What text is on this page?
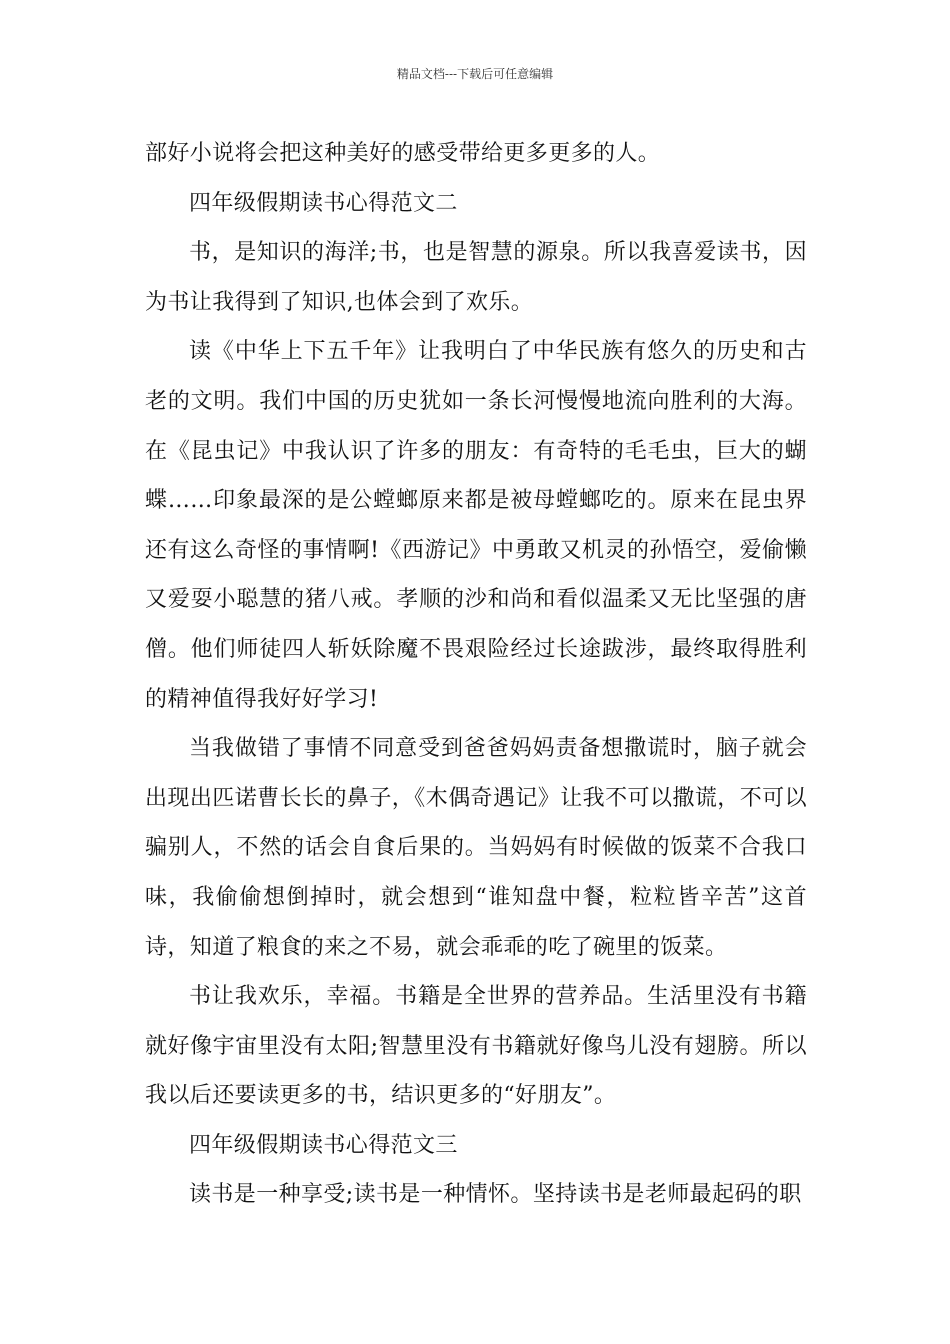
精品文档---下载后可任意编辑

部好小说将会把这种美好的感受带给更多更多的人。

四年级假期读书心得范文二

书，是知识的海洋;书，也是智慧的源泉。所以我喜爱读书，因为书让我得到了知识,也体会到了欢乐。

读《中华上下五千年》让我明白了中华民族有悠久的历史和古老的文明。我们中国的历史犹如一条长河慢慢地流向胜利的大海。在《昆虫记》中我认识了许多的朋友：有奇特的毛毛虫，巨大的蝴蝶……印象最深的是公螳螂原来都是被母螳螂吃的。原来在昆虫界还有这么奇怪的事情啊!《西游记》中勇敢又机灵的孙悟空，爱偷懒又爱耍小聪慧的猪八戒。孝顺的沙和尚和看似温柔又无比坚强的唐僧。他们师徒四人斩妖除魔不畏艰险经过长途跋涉，最终取得胜利的精神值得我好好学习!

当我做错了事情不同意受到爸爸妈妈责备想撒谎时，脑子就会出现出匹诺曹长长的鼻子，《木偶奇遇记》让我不可以撒谎，不可以骗别人，不然的话会自食后果的。当妈妈有时候做的饭菜不合我口味，我偷偷想倒掉时，就会想到“谁知盘中餐，粒粒皆辛苦”这首诗，知道了粮食的来之不易，就会乖乖的吃了碗里的饭菜。

书让我欢乐，幸福。书籍是全世界的营养品。生活里没有书籍就好像宇宙里没有太阳;智慧里没有书籍就好像鸟儿没有翅膀。所以我以后还要读更多的书，结识更多的“好朋友”。

四年级假期读书心得范文三

读书是一种享受;读书是一种情怀。坚持读书是老师最起码的职
